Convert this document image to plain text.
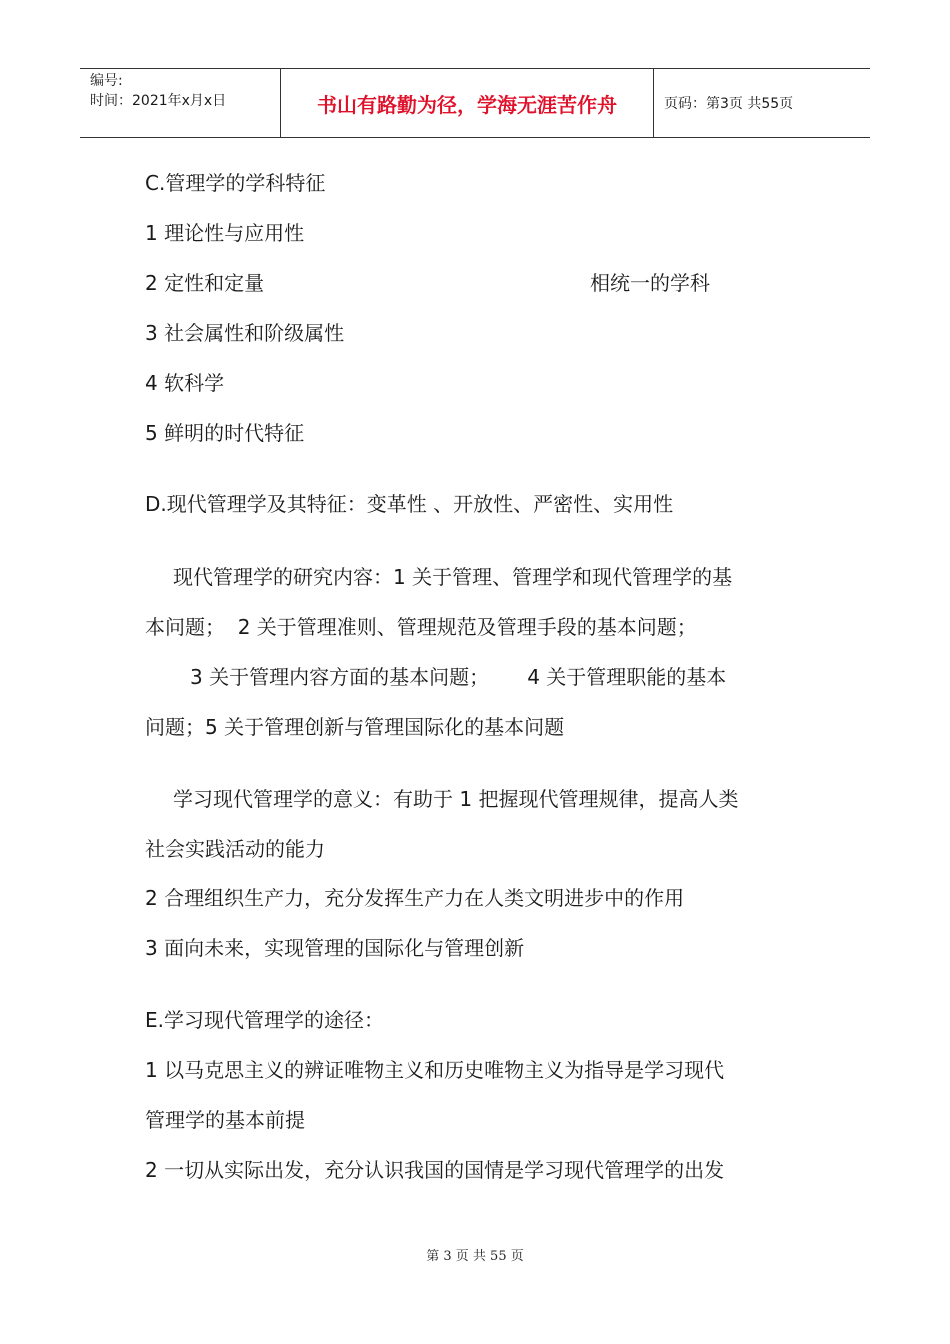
编号:
时间：2021年x月x日	书山有路勤为径，学海无涯苦作舟	页码：第3页 共55页
C.管理学的学科特征
1 理论性与应用性
2 定性和定量	相统一的学科
3 社会属性和阶级属性
4 软科学
5 鲜明的时代特征
D.现代管理学及其特征：变革性 、开放性、严密性、实用性
现代管理学的研究内容：1 关于管理、管理学和现代管理学的基
本问题；  2 关于管理准则、管理规范及管理手段的基本问题；
3 关于管理内容方面的基本问题；      4 关于管理职能的基本
问题；5 关于管理创新与管理国际化的基本问题
学习现代管理学的意义：有助于 1 把握现代管理规律，提高人类
社会实践活动的能力
2 合理组织生产力，充分发挥生产力在人类文明进步中的作用
3 面向未来，实现管理的国际化与管理创新
E.学习现代管理学的途径：
1 以马克思主义的辨证唯物主义和历史唯物主义为指导是学习现代
管理学的基本前提
2 一切从实际出发，充分认识我国的国情是学习现代管理学的出发
第 3 页 共 55 页
